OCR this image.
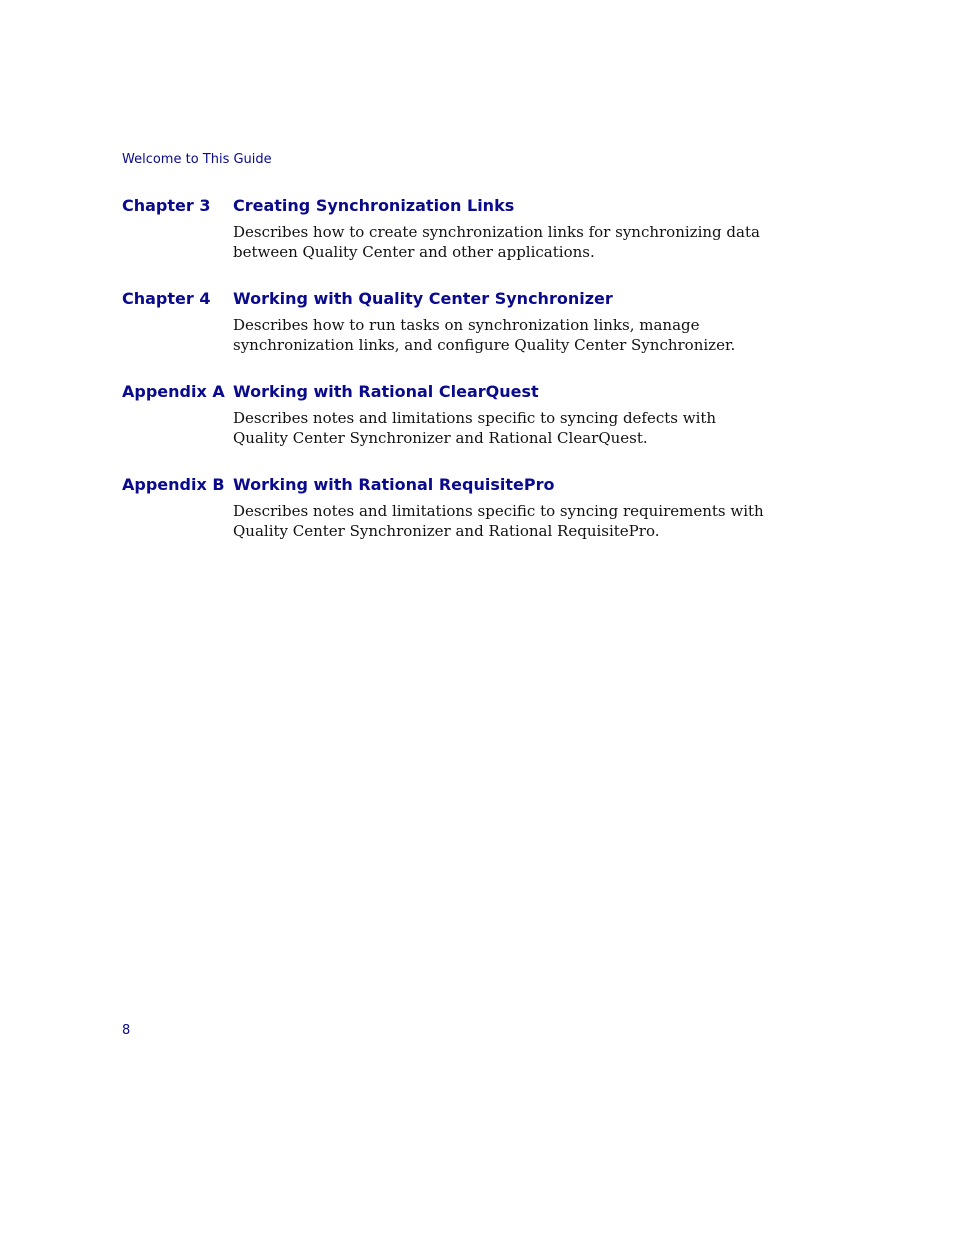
Welcome to This Guide
Chapter 3 Creating Synchronization Links
Describes how to create synchronization links for synchronizing data
between Quality Center and other applications.
Chapter 4 Working with Quality Center Synchronizer
Describes how to run tasks on synchronization links, manage
synchronization links, and configure Quality Center Synchronizer.
Appendix A Working with Rational ClearQuest
Describes notes and limitations specific to syncing defects with
Quality Center Synchronizer and Rational ClearQuest.
Appendix B Working with Rational RequisitePro
Describes notes and limitations specific to syncing requirements with
Quality Center Synchronizer and Rational RequisitePro.
8
